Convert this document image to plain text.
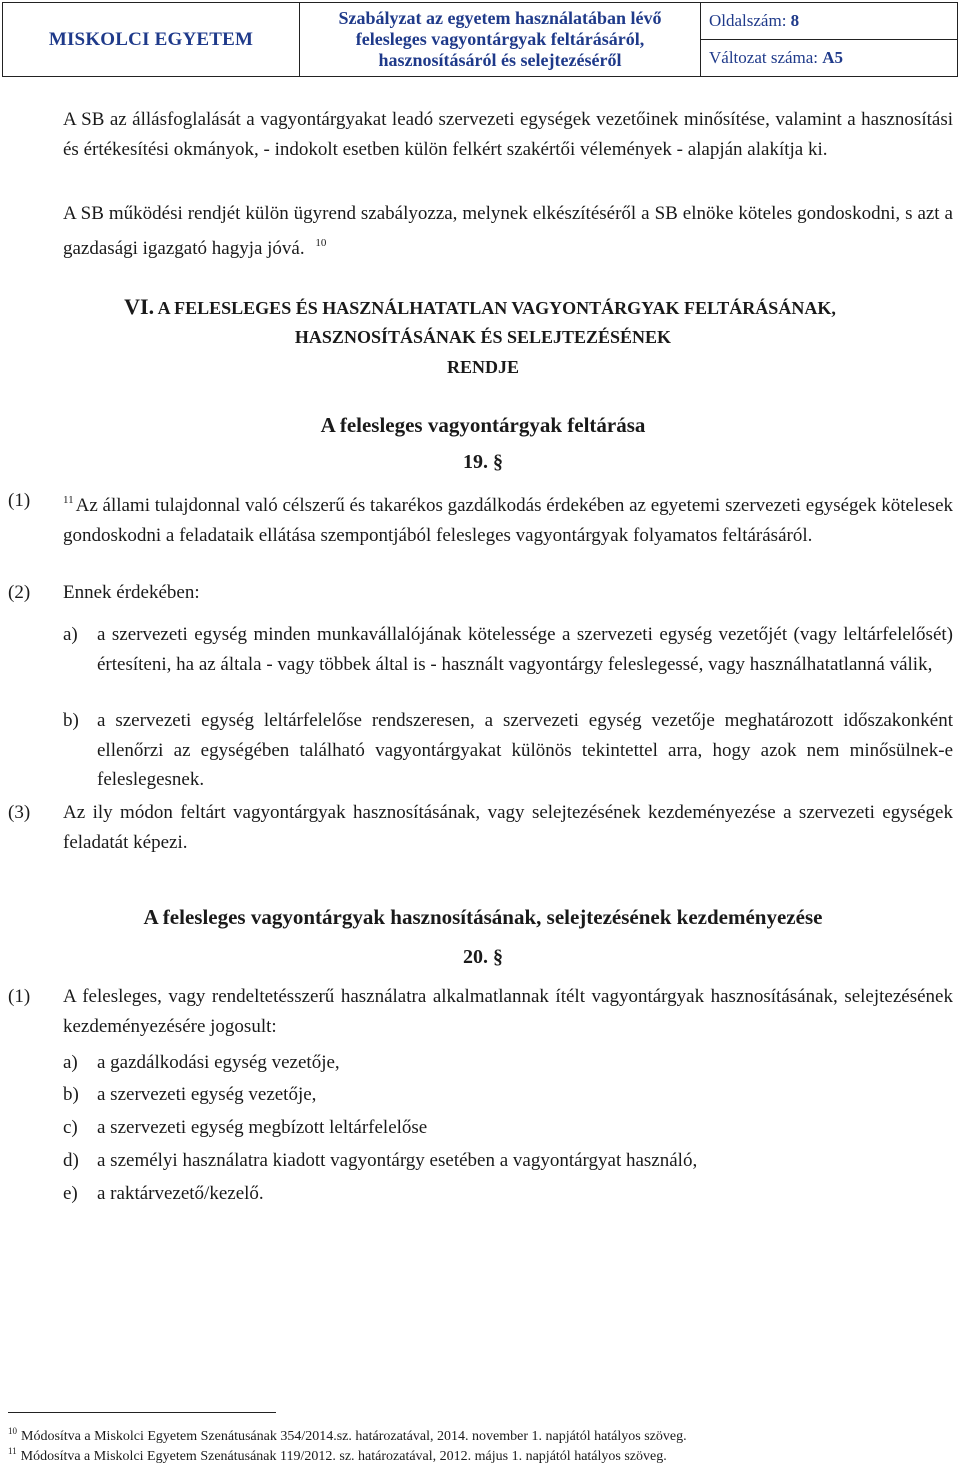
MISKOLCI EGYETEM	
Szabályzat az egyetem használatában lévő
felesleges vagyontárgyak feltárásáról,
hasznosításáról és selejtezéséről
	Oldalszám: 8
Változat száma: A5
A SB az állásfoglalását a vagyontárgyakat leadó szervezeti egységek vezetőinek minősítése, valamint a hasznosítási és értékesítési okmányok, - indokolt esetben külön felkért szakértői vélemények - alapján alakítja ki.
A SB működési rendjét külön ügyrend szabályozza, melynek elkészítéséről a SB elnöke köteles gondoskodni, s azt a gazdasági igazgató hagyja jóvá. $^{10}$
VI. A FELESLEGES ÉS HASZNÁLHATATLAN VAGYONTÁRGYAK FELTÁRÁSÁNAK,
HASZNOSÍTÁSÁNAK ÉS SELEJTEZÉSÉNEK
RENDJE
A felesleges vagyontárgyak feltárása
19. §
(1)	$^{11}$ Az állami tulajdonnal való célszerű és takarékos gazdálkodás érdekében az egyetemi szervezeti egységek kötelesek gondoskodni a feladataik ellátása szempontjából felesleges vagyontárgyak folyamatos feltárásáról.
(2) Ennek érdekében:
a) a szervezeti egység minden munkavállalójának kötelessége a szervezeti egység vezetőjét (vagy leltárfelelősét) értesíteni, ha az általa - vagy többek által is - használt vagyontárgy feleslegessé, vagy használhatatlanná válik,
b) a szervezeti egység leltárfelelőse rendszeresen, a szervezeti egység vezetője meghatározott időszakonként ellenőrzi az egységében található vagyontárgyakat különös tekintettel arra, hogy azok nem minősülnek-e feleslegesnek.
(3) Az ily módon feltárt vagyontárgyak hasznosításának, vagy selejtezésének kezdeményezése a szervezeti egységek feladatát képezi.
A felesleges vagyontárgyak hasznosításának, selejtezésének kezdeményezése
20. §
(1) A felesleges, vagy rendeltetésszerű használatra alkalmatlannak ítélt vagyontárgyak hasznosításának, selejtezésének kezdeményezésére jogosult:
a) a gazdálkodási egység vezetője,
b) a szervezeti egység vezetője,
c) a szervezeti egység megbízott leltárfelelőse
d) a személyi használatra kiadott vagyontárgy esetében a vagyontárgyat használó,
e) a raktárvezető/kezelő.
$^{10}$ Módosítva a Miskolci Egyetem Szenátusának 354/2014.sz. határozatával, 2014. november 1. napjától hatályos szöveg.
$^{11}$ Módosítva a Miskolci Egyetem Szenátusának 119/2012. sz. határozatával, 2012. május 1. napjától hatályos szöveg.
